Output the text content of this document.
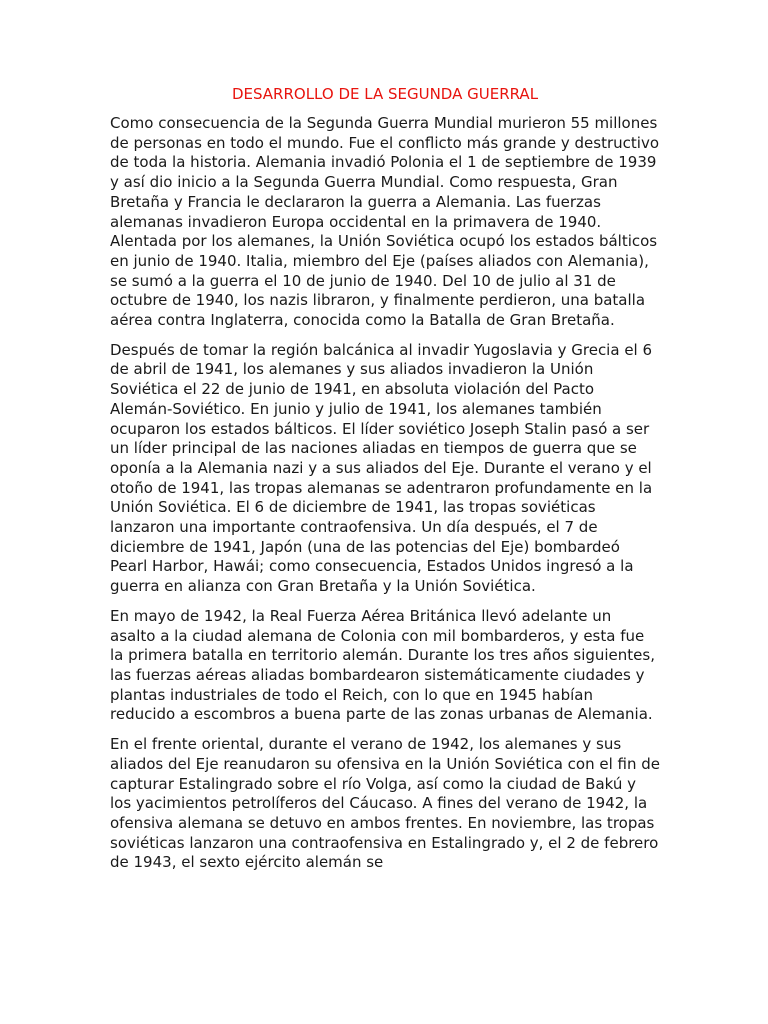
DESARROLLO DE LA SEGUNDA GUERRAL

Como consecuencia de la Segunda Guerra Mundial murieron 55 millones de personas en todo el mundo. Fue el conflicto más grande y destructivo de toda la historia. Alemania invadió Polonia el 1 de septiembre de 1939 y así dio inicio a la Segunda Guerra Mundial. Como respuesta, Gran Bretaña y Francia le declararon la guerra a Alemania. Las fuerzas alemanas invadieron Europa occidental en la primavera de 1940. Alentada por los alemanes, la Unión Soviética ocupó los estados bálticos en junio de 1940. Italia, miembro del Eje (países aliados con Alemania), se sumó a la guerra el 10 de junio de 1940. Del 10 de julio al 31 de octubre de 1940, los nazis libraron, y finalmente perdieron, una batalla aérea contra Inglaterra, conocida como la Batalla de Gran Bretaña.

Después de tomar la región balcánica al invadir Yugoslavia y Grecia el 6 de abril de 1941, los alemanes y sus aliados invadieron la Unión Soviética el 22 de junio de 1941, en absoluta violación del Pacto Alemán-Soviético. En junio y julio de 1941, los alemanes también ocuparon los estados bálticos. El líder soviético Joseph Stalin pasó a ser un líder principal de las naciones aliadas en tiempos de guerra que se oponía a la Alemania nazi y a sus aliados del Eje. Durante el verano y el otoño de 1941, las tropas alemanas se adentraron profundamente en la Unión Soviética. El 6 de diciembre de 1941, las tropas soviéticas lanzaron una importante contraofensiva. Un día después, el 7 de diciembre de 1941, Japón (una de las potencias del Eje) bombardeó Pearl Harbor, Hawái; como consecuencia, Estados Unidos ingresó a la guerra en alianza con Gran Bretaña y la Unión Soviética.

En mayo de 1942, la Real Fuerza Aérea Británica llevó adelante un asalto a la ciudad alemana de Colonia con mil bombarderos, y esta fue la primera batalla en territorio alemán. Durante los tres años siguientes, las fuerzas aéreas aliadas bombardearon sistemáticamente ciudades y plantas industriales de todo el Reich, con lo que en 1945 habían reducido a escombros a buena parte de las zonas urbanas de Alemania.

En el frente oriental, durante el verano de 1942, los alemanes y sus aliados del Eje reanudaron su ofensiva en la Unión Soviética con el fin de capturar Estalingrado sobre el río Volga, así como la ciudad de Bakú y los yacimientos petrolíferos del Cáucaso. A fines del verano de 1942, la ofensiva alemana se detuvo en ambos frentes. En noviembre, las tropas soviéticas lanzaron una contraofensiva en Estalingrado y, el 2 de febrero de 1943, el sexto ejército alemán se
